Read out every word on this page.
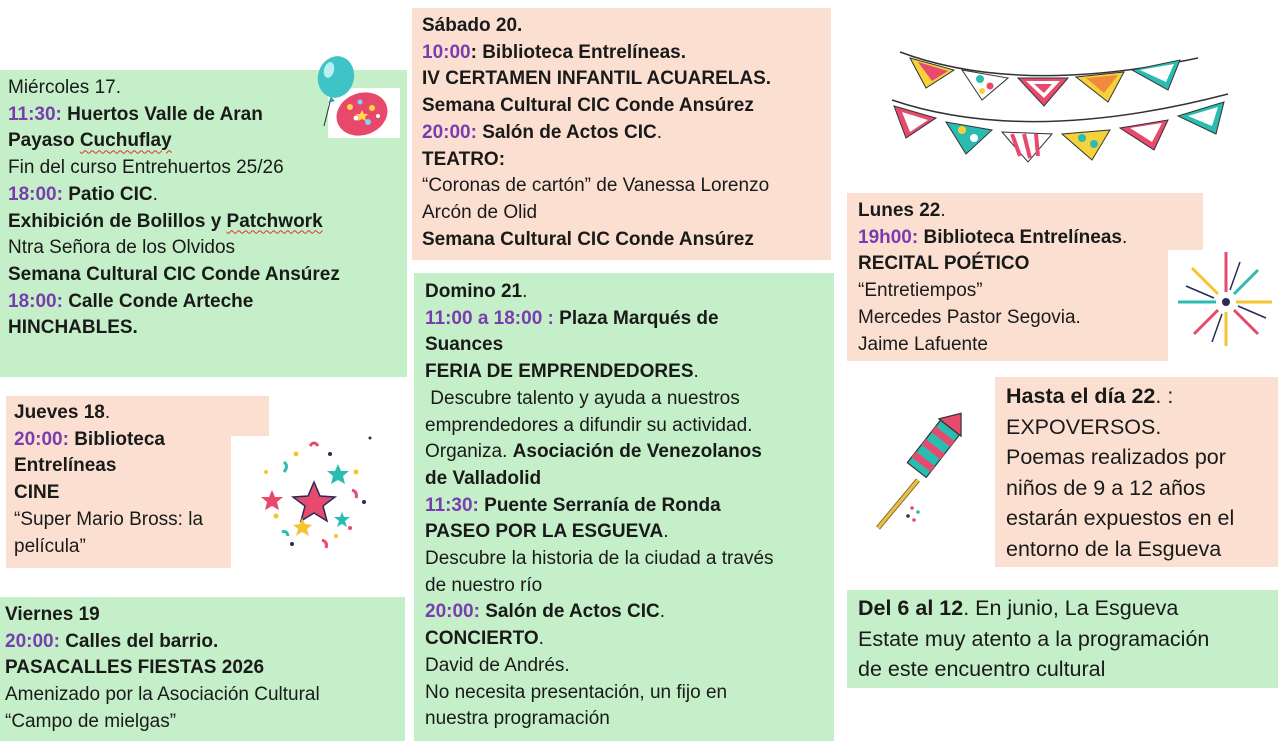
Miércoles 17.
11:30: Huertos Valle de Aran
Payaso Cuchuflay
Fin del curso Entrehuertos 25/26
18:00: Patio CIC.
Exhibición de Bolillos y Patchwork
Ntra Señora de los Olvidos
Semana Cultural CIC Conde Ansúrez
18:00: Calle Conde Arteche
HINCHABLES.
Jueves 18.
20:00: Biblioteca
Entrelíneas
CINE
“Super Mario Bross: la
película”
Viernes 19
20:00: Calles del barrio.
PASACALLES FIESTAS 2026
Amenizado por la Asociación Cultural
“Campo de mielgas”
Sábado 20.
10:00: Biblioteca Entrelíneas.
IV CERTAMEN INFANTIL ACUARELAS.
Semana Cultural CIC Conde Ansúrez
20:00: Salón de Actos CIC.
TEATRO:
“Coronas de cartón” de Vanessa Lorenzo
Arcón de Olid
Semana Cultural CIC Conde Ansúrez
Domino 21.
11:00 a 18:00 : Plaza Marqués de
Suances
FERIA DE EMPRENDEDORES.
Descubre talento y ayuda a nuestros
emprendedores a difundir su actividad.
Organiza. Asociación de Venezolanos
de Valladolid
11:30: Puente Serranía de Ronda
PASEO POR LA ESGUEVA.
Descubre la historia de la ciudad a través
de nuestro río
20:00: Salón de Actos CIC.
CONCIERTO.
David de Andrés.
No necesita presentación, un fijo en
nuestra programación
Lunes 22.
19h00: Biblioteca Entrelíneas.
RECITAL POÉTICO
“Entretiempos”
Mercedes Pastor Segovia.
Jaime Lafuente
Hasta el día 22. :
EXPOVERSOS.
Poemas realizados por
niños de 9 a 12 años
estarán expuestos en el
entorno de la Esgueva
Del 6 al 12. En junio, La Esgueva
Estate muy atento a la programación
de este encuentro cultural
